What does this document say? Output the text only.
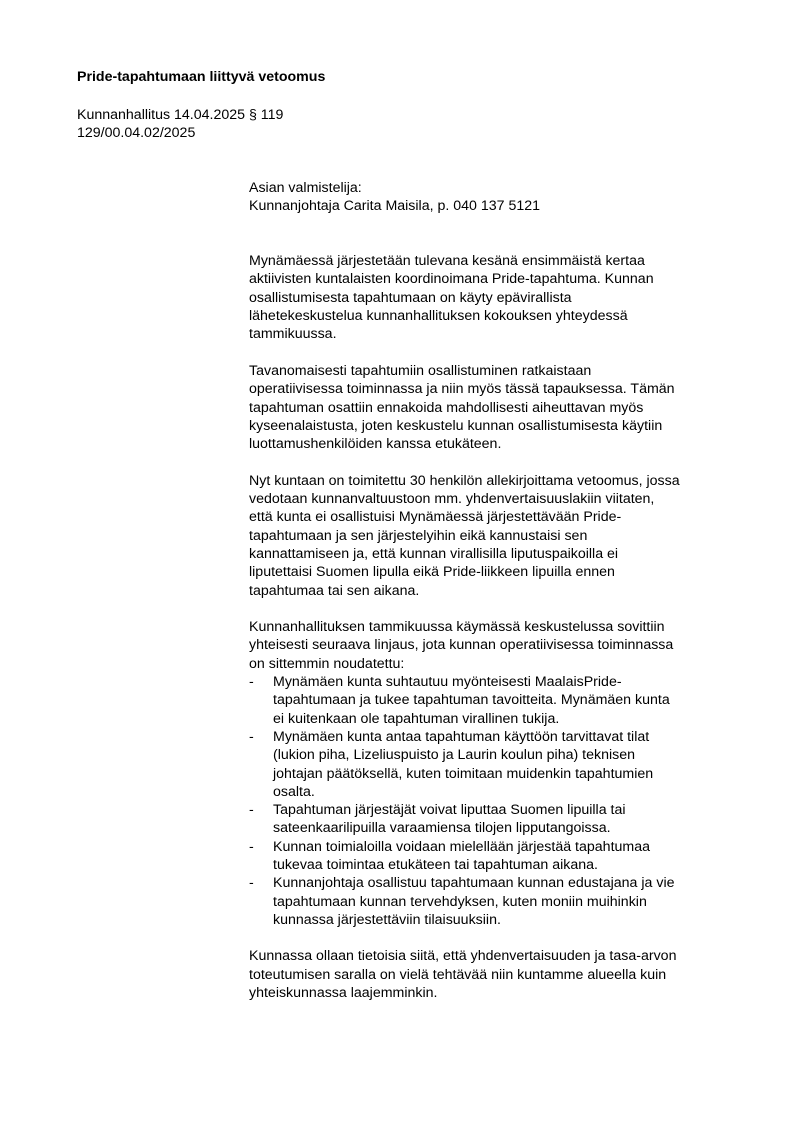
Pride-tapahtumaan liittyvä vetoomus
Kunnanhallitus 14.04.2025 § 119
129/00.04.02/2025
Asian valmistelija:
Kunnanjohtaja Carita Maisila, p. 040 137 5121

Mynämäessä järjestetään tulevana kesänä ensimmäistä kertaa
aktiivisten kuntalaisten koordinoimana Pride-tapahtuma. Kunnan
osallistumisesta tapahtumaan on käyty epävirallista
lähetekeskustelua kunnanhallituksen kokouksen yhteydessä
tammikuussa.

Tavanomaisesti tapahtumiin osallistuminen ratkaistaan
operatiivisessa toiminnassa ja niin myös tässä tapauksessa. Tämän
tapahtuman osattiin ennakoida mahdollisesti aiheuttavan myös
kyseenalaistusta, joten keskustelu kunnan osallistumisesta käytiin
luottamushenkilöiden kanssa etukäteen.

Nyt kuntaan on toimitettu 30 henkilön allekirjoittama vetoomus, jossa
vedotaan kunnanvaltuustoon mm. yhdenvertaisuuslakiin viitaten,
että kunta ei osallistuisi Mynämäessä järjestettävään Pride-
tapahtumaan ja sen järjestelyihin eikä kannustaisi sen
kannattamiseen ja, että kunnan virallisilla liputuspaikoilla ei
liputettaisi Suomen lipulla eikä Pride-liikkeen lipuilla ennen
tapahtumaa tai sen aikana.

Kunnanhallituksen tammikuussa käymässä keskustelussa sovittiin
yhteisesti seuraava linjaus, jota kunnan operatiivisessa toiminnassa
on sittemmin noudatettu:

- Mynämäen kunta suhtautuu myönteisesti MaalaisPride-
tapahtumaan ja tukee tapahtuman tavoitteita. Mynämäen kunta
ei kuitenkaan ole tapahtuman virallinen tukija.
- Mynämäen kunta antaa tapahtuman käyttöön tarvittavat tilat
(lukion piha, Lizeliuspuisto ja Laurin koulun piha) teknisen
johtajan päätöksellä, kuten toimitaan muidenkin tapahtumien
osalta.
- Tapahtuman järjestäjät voivat liputtaa Suomen lipuilla tai
sateenkaarilipuilla varaamiensa tilojen lipputangoissa.
- Kunnan toimialoilla voidaan mielellään järjestää tapahtumaa
tukevaa toimintaa etukäteen tai tapahtuman aikana.
- Kunnanjohtaja osallistuu tapahtumaan kunnan edustajana ja vie
tapahtumaan kunnan tervehdyksen, kuten moniin muihinkin
kunnassa järjestettäviin tilaisuuksiin.

Kunnassa ollaan tietoisia siitä, että yhdenvertaisuuden ja tasa-arvon
toteutumisen saralla on vielä tehtävää niin kuntamme alueella kuin
yhteiskunnassa laajemminkin.
